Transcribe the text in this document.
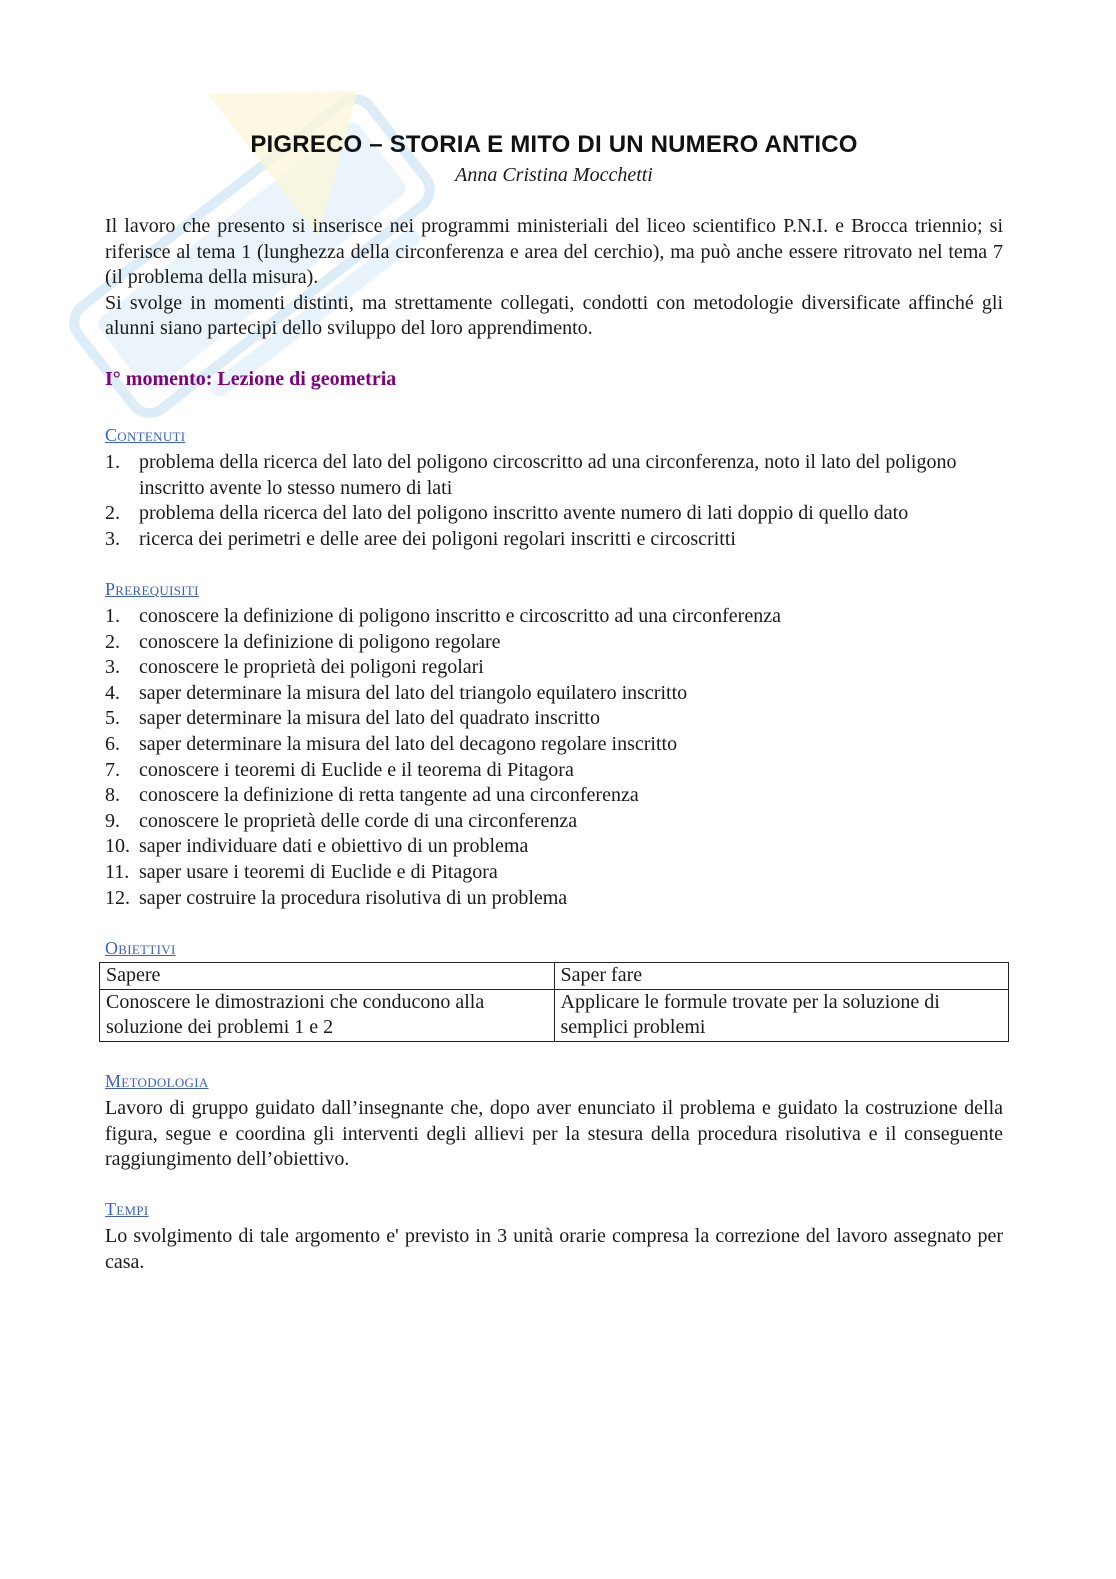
PIGRECO – STORIA E MITO DI UN NUMERO ANTICO
Anna Cristina Mocchetti

Il lavoro che presento si inserisce nei programmi ministeriali del liceo scientifico P.N.I. e Brocca triennio; si riferisce al tema 1 (lunghezza della circonferenza e area del cerchio), ma può anche essere ritrovato nel tema 7 (il problema della misura).

Si svolge in momenti distinti, ma strettamente collegati, condotti con metodologie diversificate affinché gli alunni siano partecipi dello sviluppo del loro apprendimento.

I° momento: Lezione di geometria
Contenuti
1. problema della ricerca del lato del poligono circoscritto ad una circonferenza, noto il lato del poligono inscritto avente lo stesso numero di lati
2. problema della ricerca del lato del poligono inscritto avente numero di lati doppio di quello dato
3. ricerca dei perimetri e delle aree dei poligoni regolari inscritti e circoscritti
Prerequisiti
1. conoscere la definizione di poligono inscritto e circoscritto ad una circonferenza
2. conoscere la definizione di poligono regolare
3. conoscere le proprietà dei poligoni regolari
4. saper determinare la misura del lato del triangolo equilatero inscritto
5. saper determinare la misura del lato del quadrato inscritto
6. saper determinare la misura del lato del decagono regolare inscritto
7. conoscere i teoremi di Euclide e il teorema di Pitagora
8. conoscere la definizione di retta tangente ad una circonferenza
9. conoscere le proprietà delle corde di una circonferenza
10. saper individuare dati e obiettivo di un problema
11. saper usare i teoremi di Euclide e di Pitagora
12. saper costruire la procedura risolutiva di un problema
Obiettivi
Sapere	Saper fare
Conoscere le dimostrazioni che conducono alla soluzione dei problemi 1 e 2	Applicare le formule trovate per la soluzione di semplici problemi
Metodologia
Lavoro di gruppo guidato dall’insegnante che, dopo aver enunciato il problema e guidato la costruzione della figura, segue e coordina gli interventi degli allievi per la stesura della procedura risolutiva e il conseguente raggiungimento dell’obiettivo.
Tempi
Lo svolgimento di tale argomento e' previsto in 3 unità orarie compresa la correzione del lavoro assegnato per casa.
